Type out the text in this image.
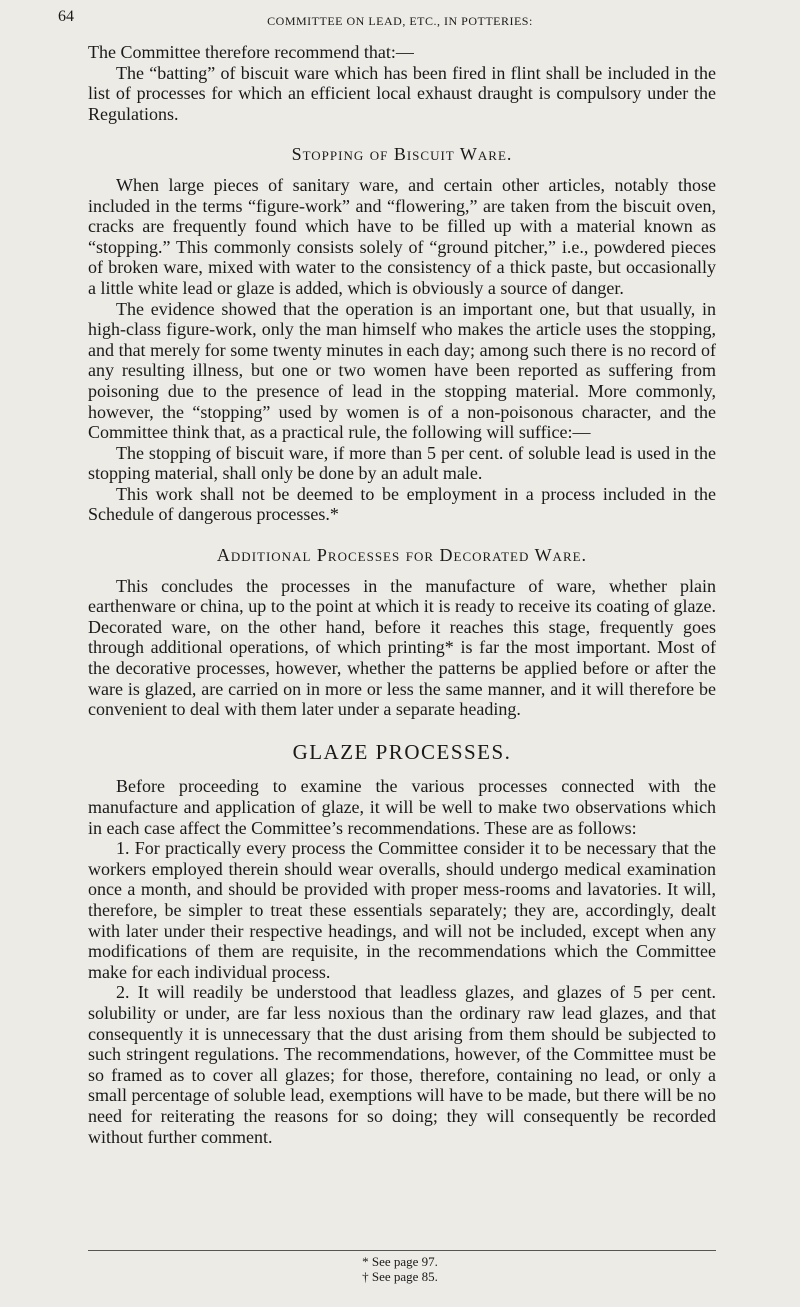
64	COMMITTEE ON LEAD, ETC., IN POTTERIES:

The Committee therefore recommend that:—

The “batting” of biscuit ware which has been fired in flint shall be included in the list of processes for which an efficient local exhaust draught is compulsory under the Regulations.

Stopping of Biscuit Ware.

When large pieces of sanitary ware, and certain other articles, notably those included in the terms “figure-work” and “flowering,” are taken from the biscuit oven, cracks are frequently found which have to be filled up with a material known as “stopping.” This commonly consists solely of “ground pitcher,” i.e., powdered pieces of broken ware, mixed with water to the consistency of a thick paste, but occasionally a little white lead or glaze is added, which is obviously a source of danger.

The evidence showed that the operation is an important one, but that usually, in high-class figure-work, only the man himself who makes the article uses the stopping, and that merely for some twenty minutes in each day; among such there is no record of any resulting illness, but one or two women have been reported as suffering from poisoning due to the presence of lead in the stopping material. More commonly, however, the “stopping” used by women is of a non-poisonous character, and the Committee think that, as a practical rule, the following will suffice:—

The stopping of biscuit ware, if more than 5 per cent. of soluble lead is used in the stopping material, shall only be done by an adult male.

This work shall not be deemed to be employment in a process included in the Schedule of dangerous processes.*

Additional Processes for Decorated Ware.

This concludes the processes in the manufacture of ware, whether plain earthenware or china, up to the point at which it is ready to receive its coating of glaze. Decorated ware, on the other hand, before it reaches this stage, frequently goes through additional operations, of which printing* is far the most important. Most of the decorative processes, however, whether the patterns be applied before or after the ware is glazed, are carried on in more or less the same manner, and it will therefore be convenient to deal with them later under a separate heading.

GLAZE PROCESSES.

Before proceeding to examine the various processes connected with the manufacture and application of glaze, it will be well to make two observations which in each case affect the Committee’s recommendations. These are as follows:

1. For practically every process the Committee consider it to be necessary that the workers employed therein should wear overalls, should undergo medical examination once a month, and should be provided with proper mess-rooms and lavatories. It will, therefore, be simpler to treat these essentials separately; they are, accordingly, dealt with later under their respective headings, and will not be included, except when any modifications of them are requisite, in the recommendations which the Committee make for each individual process.

2. It will readily be understood that leadless glazes, and glazes of 5 per cent. solubility or under, are far less noxious than the ordinary raw lead glazes, and that consequently it is unnecessary that the dust arising from them should be subjected to such stringent regulations. The recommendations, however, of the Committee must be so framed as to cover all glazes; for those, therefore, containing no lead, or only a small percentage of soluble lead, exemptions will have to be made, but there will be no need for reiterating the reasons for so doing; they will consequently be recorded without further comment.

* See page 97.
† See page 85.
